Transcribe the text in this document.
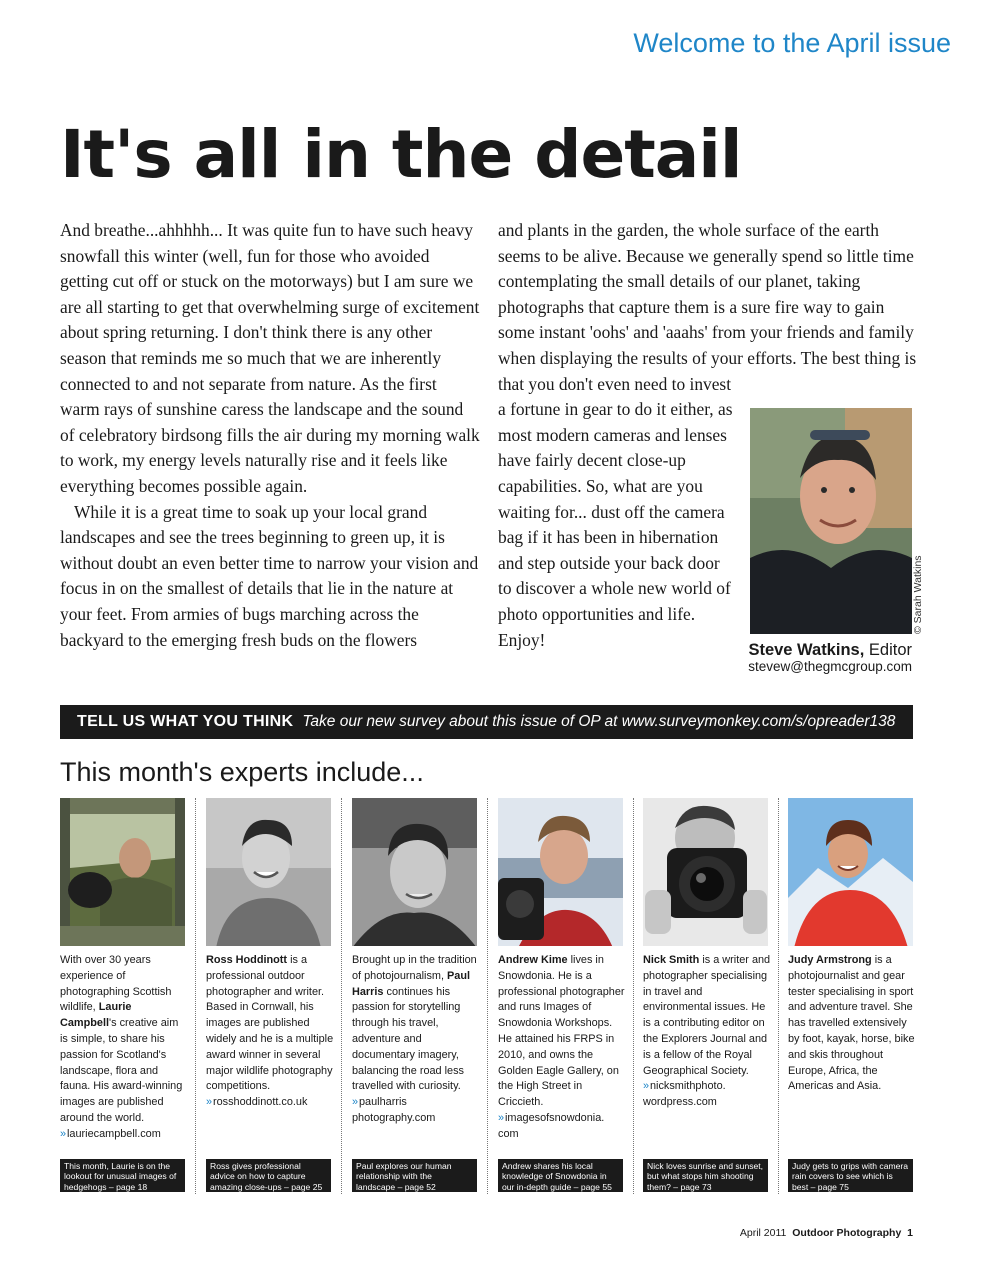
Welcome to the April issue
It's all in the detail

And breathe...ahhhhh... It was quite fun to have such heavy snowfall this winter (well, fun for those who avoided getting cut off or stuck on the motorways) but I am sure we are all starting to get that overwhelming surge of excitement about spring returning. I don't think there is any other season that reminds me so much that we are inherently connected to and not separate from nature. As the first warm rays of sunshine caress the landscape and the sound of celebratory birdsong fills the air during my morning walk to work, my energy levels naturally rise and it feels like everything becomes possible again.

While it is a great time to soak up your local grand landscapes and see the trees beginning to green up, it is without doubt an even better time to narrow your vision and focus in on the smallest of details that lie in the nature at your feet. From armies of bugs marching across the backyard to the emerging fresh buds on the flowers

and plants in the garden, the whole surface of the earth seems to be alive. Because we generally spend so little time contemplating the small details of our planet, taking photographs that capture them is a sure fire way to gain some instant 'oohs' and 'aaahs' from your friends and family when displaying the results of your efforts. The best thing is that you don't even need to invest

a fortune in gear to do it either, as most modern cameras and lenses have fairly decent close-up capabilities. So, what are you waiting for... dust off the camera bag if it has been in hibernation and step outside your back door to discover a whole new world of photo opportunities and life. Enjoy!

© Sarah Watkins
Steve Watkins, Editor
stevew@thegmcgroup.com
TELL US WHAT YOU THINK Take our new survey about this issue of OP at www.surveymonkey.com/s/opreader138
This month's experts include...
With over 30 years experience of photographing Scottish wildlife, Laurie Campbell's creative aim is simple, to share his passion for Scotland's landscape, flora and fauna. His award-winning images are published around the world.
» lauriecampbell.com
This month, Laurie is on the lookout for unusual images of hedgehogs – page 18
Ross Hoddinott is a professional outdoor photographer and writer. Based in Cornwall, his images are published widely and he is a multiple award winner in several major wildlife photography competitions.
» rosshoddinott.co.uk
Ross gives professional advice on how to capture amazing close-ups – page 25
Brought up in the tradition of photojournalism, Paul Harris continues his passion for storytelling through his travel, adventure and documentary imagery, balancing the road less travelled with curiosity.
» paulharris photography.com
Paul explores our human relationship with the landscape – page 52
Andrew Kime lives in Snowdonia. He is a professional photographer and runs Images of Snowdonia Workshops. He attained his FRPS in 2010, and owns the Golden Eagle Gallery, on the High Street in Criccieth.
» imagesofsnowdonia. com
Andrew shares his local knowledge of Snowdonia in our in-depth guide – page 55
Nick Smith is a writer and photographer specialising in travel and environmental issues. He is a contributing editor on the Explorers Journal and is a fellow of the Royal Geographical Society.
» nicksmithphoto. wordpress.com
Nick loves sunrise and sunset, but what stops him shooting them? – page 73
Judy Armstrong is a photojournalist and gear tester specialising in sport and adventure travel. She has travelled extensively by foot, kayak, horse, bike and skis throughout Europe, Africa, the Americas and Asia.
Judy gets to grips with camera rain covers to see which is best – page 75
April 2011 Outdoor Photography 1
